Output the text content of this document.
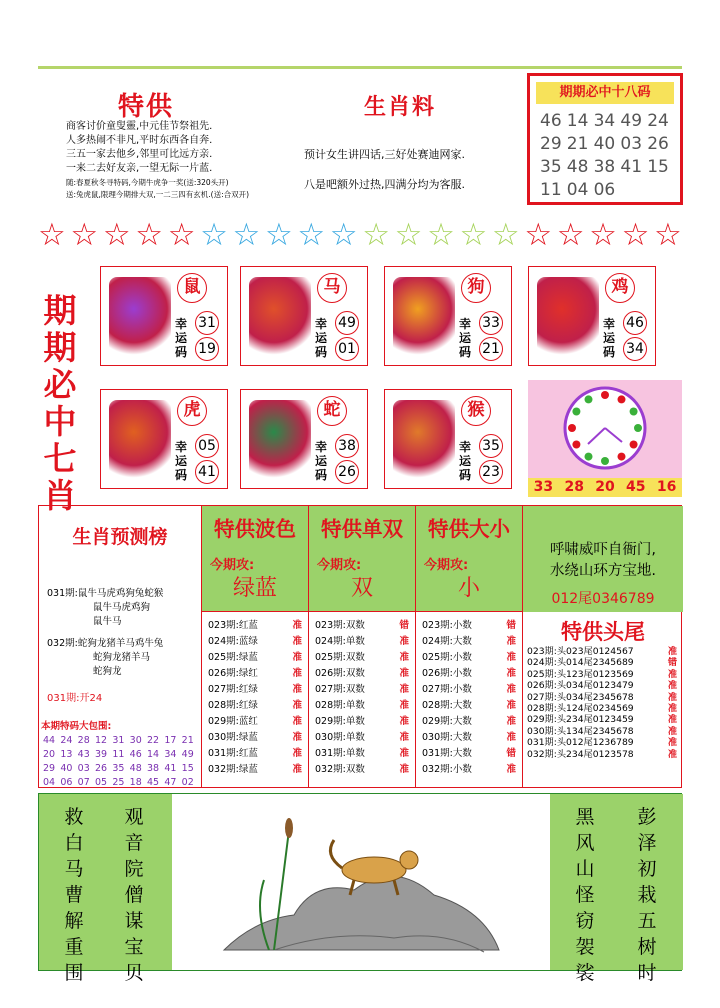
特供
商客讨价童叟靈,中元佳节祭祖先.
人多热闹不非凡,平时东西各自奔.
三五一家去他乡,邻里可比远方亲.
一来二去好友亲,一望无际一片蓝.
随:春夏秋冬寻特码,今期牛虎争一奖(送:320头开)
送:兔虎鼠,限理今期排大双,一二三四有玄机.(送:合双开)
生肖料
预计女生讲四话,三好处赛迪网家.
八是吧额外过热,四满分均为客服.
期期必中十八码
46 14 34 49 24
29 21 40 03 26
35 48 38 41 15
11 04 06
☆ ☆ ☆ ☆ ☆ ☆ ☆ ☆ ☆ ☆ ☆ ☆ ☆ ☆ ☆ ☆ ☆ ☆ ☆ ☆
期期必中七肖
鼠
幸运码
31
19
马
幸运码
49
01
狗
幸运码
33
21
鸡
幸运码
46
34
虎
幸运码
05
41
蛇
幸运码
38
26
猴
幸运码
35
23
33 28 20 45 16
生肖预测榜
031期:鼠牛马虎鸡狗兔蛇猴
鼠牛马虎鸡狗
鼠牛马
032期:蛇狗龙猪羊马鸡牛兔
蛇狗龙猪羊马
蛇狗龙
031期:开24
本期特码大包围:
44 24 28 12 31 30 22 17 21
20 13 43 39 11 46 14 34 49
29 40 03 26 35 48 38 41 15
04 06 07 05 25 18 45 47 02
特供波色
今期攻:
绿蓝
023期:红蓝	准
024期:蓝绿	准
025期:绿蓝	准
026期:绿红	准
027期:红绿	准
028期:红绿	准
029期:蓝红	准
030期:绿蓝	准
031期:红蓝	准
032期:绿蓝	准
特供单双
今期攻:
双
023期:双数	错
024期:单数	准
025期:双数	准
026期:双数	准
027期:双数	准
028期:单数	准
029期:单数	准
030期:单数	准
031期:单数	准
032期:双数	准
特供大小
今期攻:
小
023期:小数	错
024期:大数	准
025期:小数	准
026期:小数	准
027期:小数	准
028期:大数	准
029期:大数	准
030期:大数	准
031期:大数	错
032期:小数	准
呼啸威吓自衙门,
水绕山环方宝地.
012尾0346789
特供头尾
023期:头023尾0124567	准
024期:头014尾2345689	错
025期:头123尾0123569	准
026期:头034尾0123479	准
027期:头034尾2345678	准
028期:头124尾0234569	准
029期:头234尾0123459	准
030期:头134尾2345678	准
031期:头012尾1236789	准
032期:头234尾0123578	准
救白马曹解重围
观音院僧谋宝贝
黑风山怪窃袈裟
彭泽初栽五树时
